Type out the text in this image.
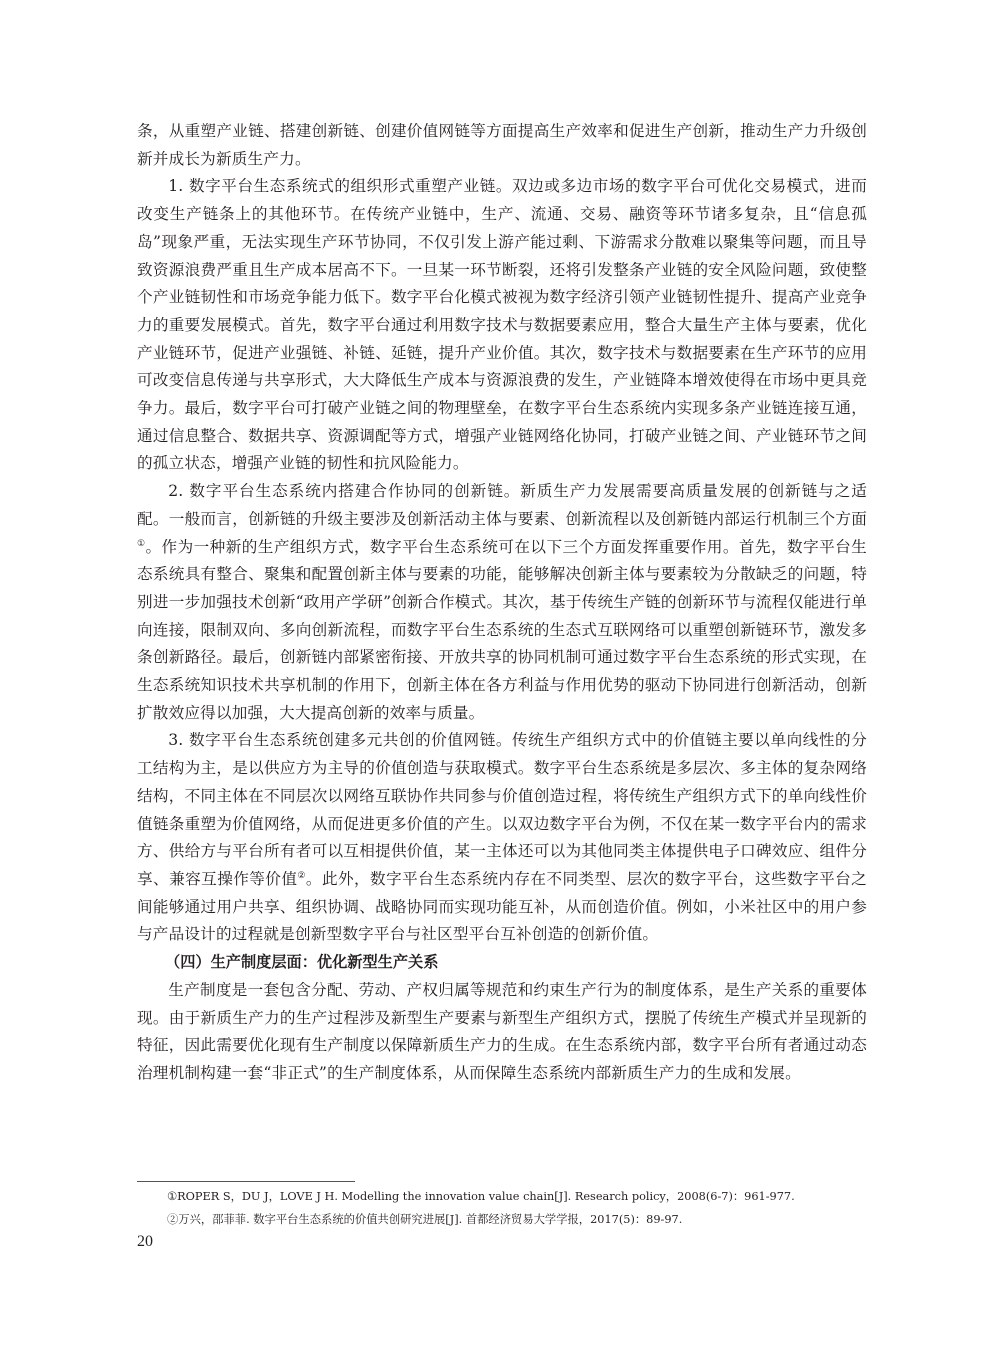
条，从重塑产业链、搭建创新链、创建价值网链等方面提高生产效率和促进生产创新，推动生产力升级创新并成长为新质生产力。

1. 数字平台生态系统式的组织形式重塑产业链。双边或多边市场的数字平台可优化交易模式，进而改变生产链条上的其他环节。在传统产业链中，生产、流通、交易、融资等环节诸多复杂，且“信息孤岛”现象严重，无法实现生产环节协同，不仅引发上游产能过剩、下游需求分散难以聚集等问题，而且导致资源浪费严重且生产成本居高不下。一旦某一环节断裂，还将引发整条产业链的安全风险问题，致使整个产业链韧性和市场竞争能力低下。数字平台化模式被视为数字经济引领产业链韧性提升、提高产业竞争力的重要发展模式。首先，数字平台通过利用数字技术与数据要素应用，整合大量生产主体与要素，优化产业链环节，促进产业强链、补链、延链，提升产业价值。其次，数字技术与数据要素在生产环节的应用可改变信息传递与共享形式，大大降低生产成本与资源浪费的发生，产业链降本增效使得在市场中更具竞争力。最后，数字平台可打破产业链之间的物理壁垒，在数字平台生态系统内实现多条产业链连接互通，通过信息整合、数据共享、资源调配等方式，增强产业链网络化协同，打破产业链之间、产业链环节之间的孤立状态，增强产业链的韧性和抗风险能力。

2. 数字平台生态系统内搭建合作协同的创新链。新质生产力发展需要高质量发展的创新链与之适配。一般而言，创新链的升级主要涉及创新活动主体与要素、创新流程以及创新链内部运行机制三个方面①。作为一种新的生产组织方式，数字平台生态系统可在以下三个方面发挥重要作用。首先，数字平台生态系统具有整合、聚集和配置创新主体与要素的功能，能够解决创新主体与要素较为分散缺乏的问题，特别进一步加强技术创新“政用产学研”创新合作模式。其次，基于传统生产链的创新环节与流程仅能进行单向连接，限制双向、多向创新流程，而数字平台生态系统的生态式互联网络可以重塑创新链环节，激发多条创新路径。最后，创新链内部紧密衔接、开放共享的协同机制可通过数字平台生态系统的形式实现，在生态系统知识技术共享机制的作用下，创新主体在各方利益与作用优势的驱动下协同进行创新活动，创新扩散效应得以加强，大大提高创新的效率与质量。

3. 数字平台生态系统创建多元共创的价值网链。传统生产组织方式中的价值链主要以单向线性的分工结构为主，是以供应方为主导的价值创造与获取模式。数字平台生态系统是多层次、多主体的复杂网络结构，不同主体在不同层次以网络互联协作共同参与价值创造过程，将传统生产组织方式下的单向线性价值链条重塑为价值网络，从而促进更多价值的产生。以双边数字平台为例，不仅在某一数字平台内的需求方、供给方与平台所有者可以互相提供价值，某一主体还可以为其他同类主体提供电子口碑效应、组件分享、兼容互操作等价值②。此外，数字平台生态系统内存在不同类型、层次的数字平台，这些数字平台之间能够通过用户共享、组织协调、战略协同而实现功能互补，从而创造价值。例如，小米社区中的用户参与产品设计的过程就是创新型数字平台与社区型平台互补创造的创新价值。

（四）生产制度层面：优化新型生产关系

生产制度是一套包含分配、劳动、产权归属等规范和约束生产行为的制度体系，是生产关系的重要体现。由于新质生产力的生产过程涉及新型生产要素与新型生产组织方式，摆脱了传统生产模式并呈现新的特征，因此需要优化现有生产制度以保障新质生产力的生成。在生态系统内部，数字平台所有者通过动态治理机制构建一套“非正式”的生产制度体系，从而保障生态系统内部新质生产力的生成和发展。

①ROPER S，DU J，LOVE J H. Modelling the innovation value chain[J]. Research policy，2008(6-7)：961-977.

②万兴，邵菲菲. 数字平台生态系统的价值共创研究进展[J]. 首都经济贸易大学学报，2017(5)：89-97.

20
